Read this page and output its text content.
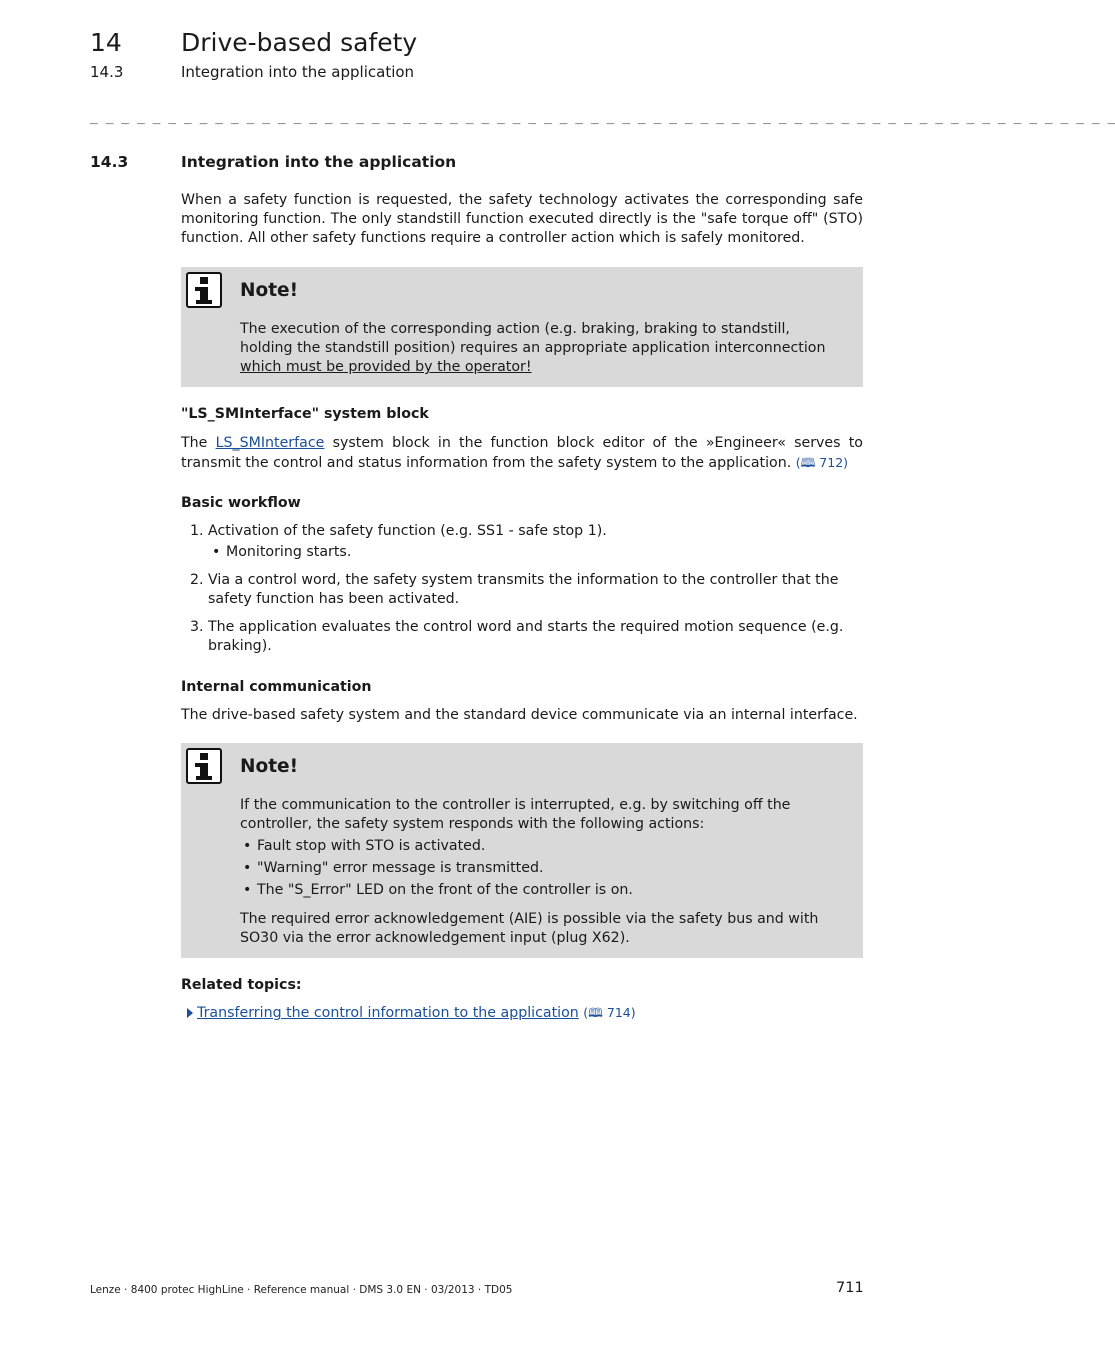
14 Drive-based safety
14.3	Integration into the application
_ _ _ _ _ _ _ _ _ _ _ _ _ _ _ _ _ _ _ _ _ _ _ _ _ _ _ _ _ _ _ _ _ _ _ _ _ _ _ _ _ _ _ _ _ _ _ _ _ _ _ _ _ _ _ _ _ _ _ _ _ _ _ _ _ _
14.3	Integration into the application
When a safety function is requested, the safety technology activates the corresponding safe monitoring function. The only standstill function executed directly is the "safe torque off" (STO) function. All other safety functions require a controller action which is safely monitored.
Note!
The execution of the corresponding action (e.g. braking, braking to standstill, holding the standstill position) requires an appropriate application interconnection which must be provided by the operator!
"LS_SMInterface" system block
The LS_SMInterface system block in the function block editor of the »Engineer« serves to transmit the control and status information from the safety system to the application. (🕮 712)
Basic workflow
1. Activation of the safety function (e.g. SS1 - safe stop 1).
• Monitoring starts.
2. Via a control word, the safety system transmits the information to the controller that the safety function has been activated.
3. The application evaluates the control word and starts the required motion sequence (e.g. braking).
Internal communication
The drive-based safety system and the standard device communicate via an internal interface.
Note!
If the communication to the controller is interrupted, e.g. by switching off the controller, the safety system responds with the following actions:
• Fault stop with STO is activated.
• "Warning" error message is transmitted.
• The "S_Error" LED on the front of the controller is on.
The required error acknowledgement (AIE) is possible via the safety bus and with SO30 via the error acknowledgement input (plug X62).
Related topics:
Transferring the control information to the application (🕮 714)
Lenze · 8400 protec HighLine · Reference manual · DMS 3.0 EN · 03/2013 · TD05	711
